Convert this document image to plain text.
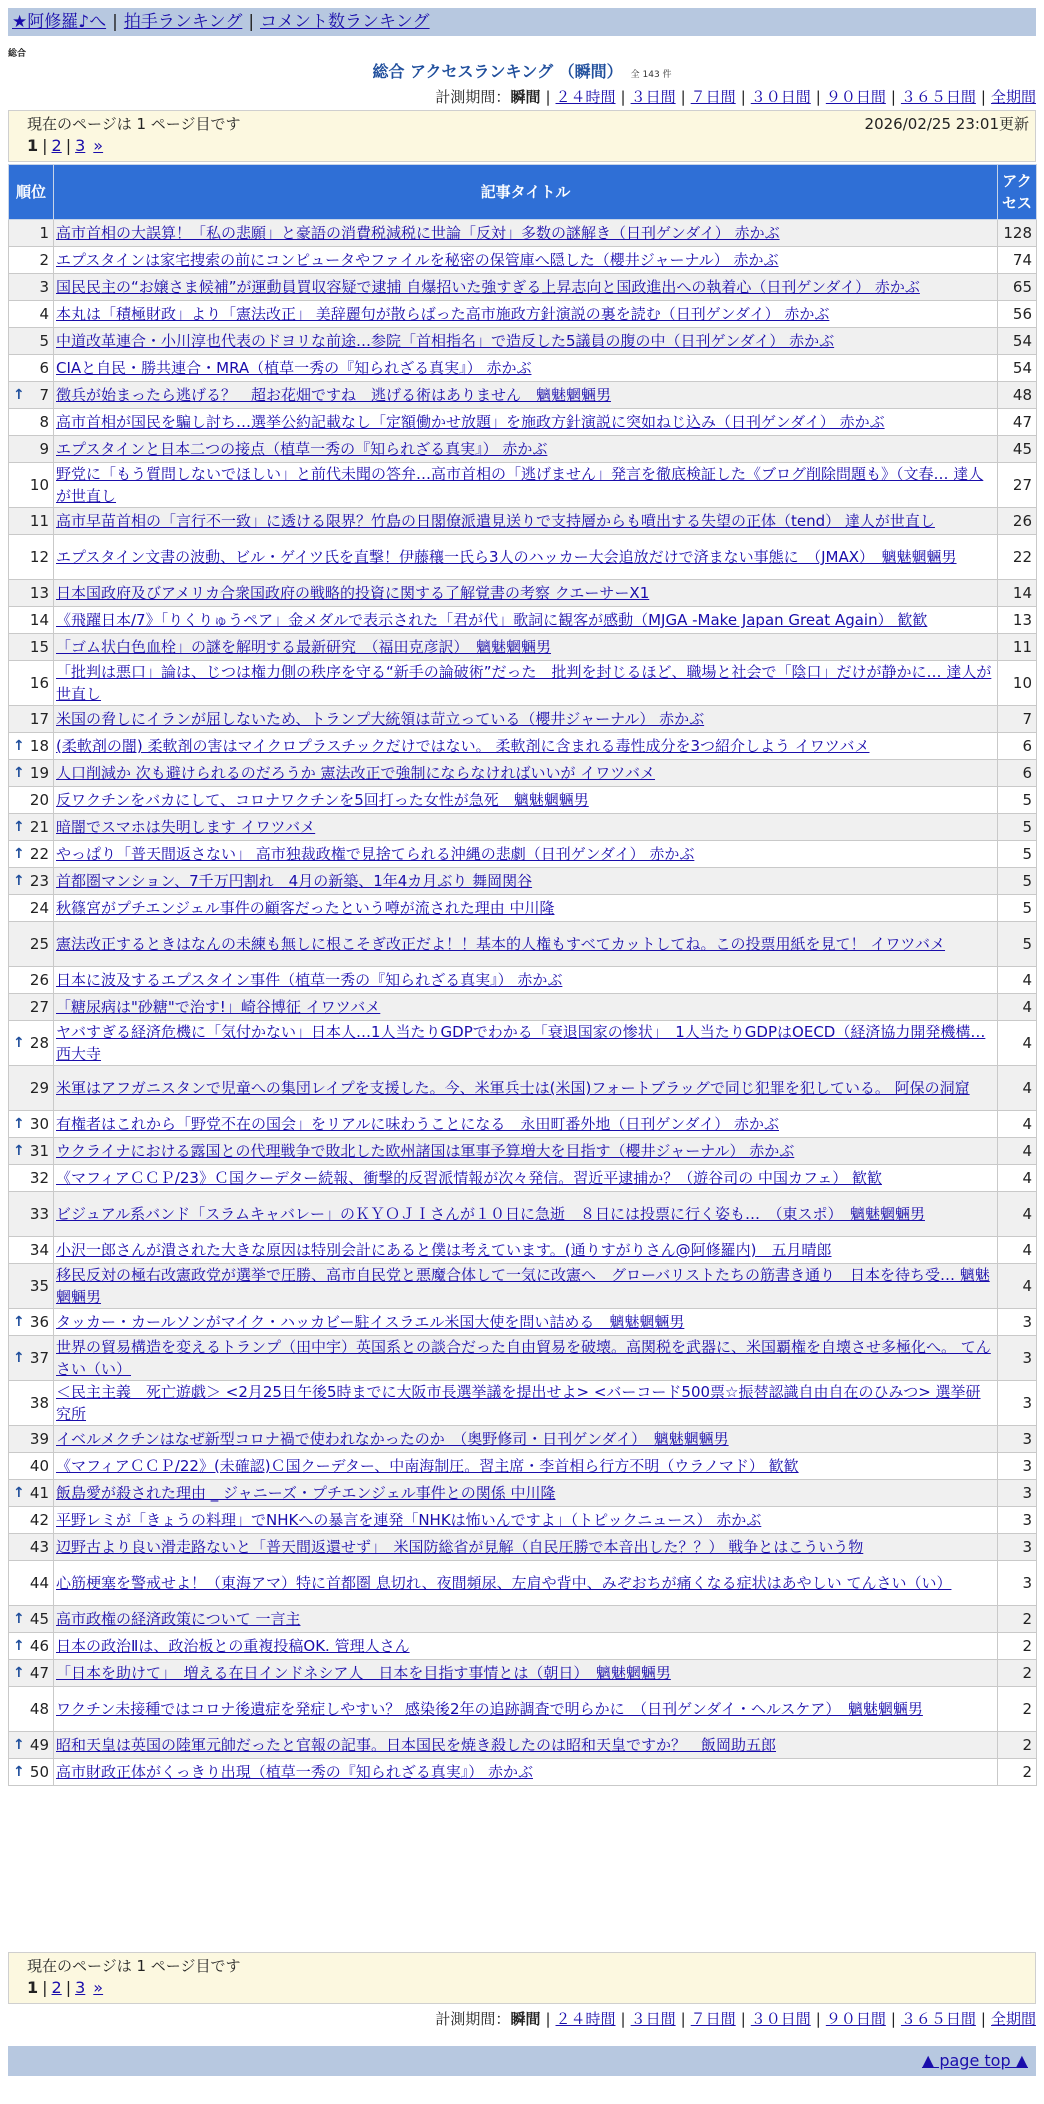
★阿修羅♪へ | 拍手ランキング | コメント数ランキング
総合
総合 アクセスランキング （瞬間） 全 143 件
計測期間：瞬間 | ２４時間 | ３日間 | ７日間 | ３０日間 | ９０日間 | ３６５日間 | 全期間
現在のページは 1 ページ目です	2026/02/25 23:01更新
1 | 2 | 3 »
順位	記事タイトル	アクセス
1	高市首相の大誤算！「私の悲願」と豪語の消費税減税に世論「反対」多数の謎解き（日刊ゲンダイ） 赤かぶ	128
2	エプスタインは家宅捜索の前にコンピュータやファイルを秘密の保管庫へ隠した（櫻井ジャーナル） 赤かぶ	74
3	国民民主の“お嬢さま候補”が運動員買収容疑で逮捕 自爆招いた強すぎる上昇志向と国政進出への執着心（日刊ゲンダイ） 赤かぶ	65
4	本丸は「積極財政」より「憲法改正」 美辞麗句が散らばった高市施政方針演説の裏を読む（日刊ゲンダイ） 赤かぶ	56
5	中道改革連合・小川淳也代表のドヨリな前途…参院「首相指名」で造反した5議員の腹の中（日刊ゲンダイ） 赤かぶ	54
6	CIAと自民・勝共連合・MRA（植草一秀の『知られざる真実』） 赤かぶ	54

↑ 7	徴兵が始まったら逃げる？　超お花畑ですね　逃げる術はありません　魑魅魍魎男	48
8	高市首相が国民を騙し討ち…選挙公約記載なし「定額働かせ放題」を施政方針演説に突如ねじ込み（日刊ゲンダイ） 赤かぶ	47
9	エプスタインと日本二つの接点（植草一秀の『知られざる真実』） 赤かぶ	45
10	野党に「もう質問しないでほしい」と前代未聞の答弁…高市首相の「逃げません」発言を徹底検証した《ブログ削除問題も》（文春… 達人が世直し	27
11	高市早苗首相の「言行不一致」に透ける限界？竹島の日閣僚派遣見送りで支持層からも噴出する失望の正体（tend） 達人が世直し	26
12	エプスタイン文書の波動、ビル・ゲイツ氏を直撃！伊藤穰一氏ら3人のハッカー大会追放だけで済まない事態に　（JMAX）　魑魅魍魎男	22
13	日本国政府及びアメリカ合衆国政府の戦略的投資に関する了解覚書の考察 クエーサーX1	14
14	《飛躍日本/7》「りくりゅうペア」金メダルで表示された「君が代」歌詞に観客が感動（MJGA -Make Japan Great Again） 歓歓	13
15	「ゴム状白色血栓」の謎を解明する最新研究　（福田克彦訳）　魑魅魍魎男	11
16	「批判は悪口」論は、じつは権力側の秩序を守る“新手の論破術”だった　批判を封じるほど、職場と社会で「陰口」だけが静かに… 達人が世直し	10
17	米国の脅しにイランが屈しないため、トランプ大統領は苛立っている（櫻井ジャーナル） 赤かぶ	7

↑ 18	(柔軟剤の闇) 柔軟剤の害はマイクロプラスチックだけではない。 柔軟剤に含まれる毒性成分を3つ紹介しよう イワツバメ	6

↑ 19	人口削減か 次も避けられるのだろうか 憲法改正で強制にならなければいいが イワツバメ	6
20	反ワクチンをバカにして、コロナワクチンを5回打った女性が急死　魑魅魍魎男	5

↑ 21	暗闇でスマホは失明します イワツバメ	5

↑ 22	やっぱり「普天間返さない」 高市独裁政権で見捨てられる沖縄の悲劇（日刊ゲンダイ） 赤かぶ	5

↑ 23	首都圏マンション、7千万円割れ　4月の新築、1年4カ月ぶり 舞岡関谷	5
24	秋篠宮がプチエンジェル事件の顧客だったという噂が流された理由 中川隆	5
25	憲法改正するときはなんの未練も無しに根こそぎ改正だよ！！基本的人権もすべてカットしてね。この投票用紙を見て！ イワツバメ	5
26	日本に波及するエプスタイン事件（植草一秀の『知られざる真実』） 赤かぶ	4
27	「糖尿病は"砂糖"で治す!」崎谷博征 イワツバメ	4

↑ 28	ヤバすぎる経済危機に「気付かない」日本人…1人当たりGDPでわかる「衰退国家の惨状」　1人当たりGDPはOECD（経済協力開発機構… 西大寺	4
29	米軍はアフガニスタンで児童への集団レイプを支援した。今、米軍兵士は(米国)フォートブラッグで同じ犯罪を犯している。 阿保の洞窟	4

↑ 30	有権者はこれから「野党不在の国会」をリアルに味わうことになる　永田町番外地（日刊ゲンダイ） 赤かぶ	4

↑ 31	ウクライナにおける露国との代理戦争で敗北した欧州諸国は軍事予算増大を目指す（櫻井ジャーナル） 赤かぶ	4
32	《マフィアＣＣＰ/23》Ｃ国クーデター続報、衝撃的反習派情報が次々発信。習近平逮捕か？（遊谷司の 中国カフェ） 歓歓	4
33	ビジュアル系バンド「スラムキャバレー」のＫＹＯＪＩさんが１０日に急逝　８日には投票に行く姿も…　（東スポ）　魑魅魍魎男	4
34	小沢一郎さんが潰された大きな原因は特別会計にあると僕は考えています。(通りすがりさん@阿修羅内)　五月晴郎	4
35	移民反対の極右改憲政党が選挙で圧勝、高市自民党と悪魔合体して一気に改憲へ　グローバリストたちの筋書き通り　日本を待ち受… 魑魅魍魎男	4

↑ 36	タッカー・カールソンがマイク・ハッカビー駐イスラエル米国大使を問い詰める　魑魅魍魎男	3

↑ 37	世界の貿易構造を変えるトランプ（田中宇）英国系との談合だった自由貿易を破壊。高関税を武器に、米国覇権を自壊させ多極化へ。 てんさい（い）	3
38	＜民主主義　死亡遊戯＞ <2月25日午後5時までに大阪市長選挙議を提出せよ> <バーコード500票☆振替認識自由自在のひみつ> 選挙研究所	3
39	イベルメクチンはなぜ新型コロナ禍で使われなかったのか　（奥野修司・日刊ゲンダイ）　魑魅魍魎男	3
40	《マフィアＣＣＰ/22》(未確認)Ｃ国クーデター、中南海制圧。習主席・李首相ら行方不明（ウラノマド） 歓歓	3

↑ 41	飯島愛が殺された理由 _ ジャニーズ・プチエンジェル事件との関係 中川隆	3
42	平野レミが「きょうの料理」でNHKへの暴言を連発「NHKは怖いんですよ」（トピックニュース） 赤かぶ	3
43	辺野古より良い滑走路ないと「普天間返還せず」　米国防総省が見解（自民圧勝で本音出した？？） 戦争とはこういう物	3
44	心筋梗塞を警戒せよ！（東海アマ）特に首都圏 息切れ、夜間頻尿、左肩や背中、みぞおちが痛くなる症状はあやしい てんさい（い）	3

↑ 45	高市政権の経済政策について 一言主	2

↑ 46	日本の政治Ⅱは、政治板との重複投稿OK. 管理人さん	2

↑ 47	「日本を助けて」　増える在日インドネシア人　日本を目指す事情とは（朝日）　魑魅魍魎男	2
48	ワクチン未接種ではコロナ後遺症を発症しやすい？ 感染後2年の追跡調査で明らかに　（日刊ゲンダイ・ヘルスケア）　魑魅魍魎男	2

↑ 49	昭和天皇は英国の陸軍元帥だったと官報の記事。日本国民を焼き殺したのは昭和天皇ですか？　飯岡助五郎	2

↑ 50	高市財政正体がくっきり出現（植草一秀の『知られざる真実』） 赤かぶ	2
現在のページは 1 ページ目です
1 | 2 | 3 »
計測期間：瞬間 | ２４時間 | ３日間 | ７日間 | ３０日間 | ９０日間 | ３６５日間 | 全期間
▲ page top ▲
